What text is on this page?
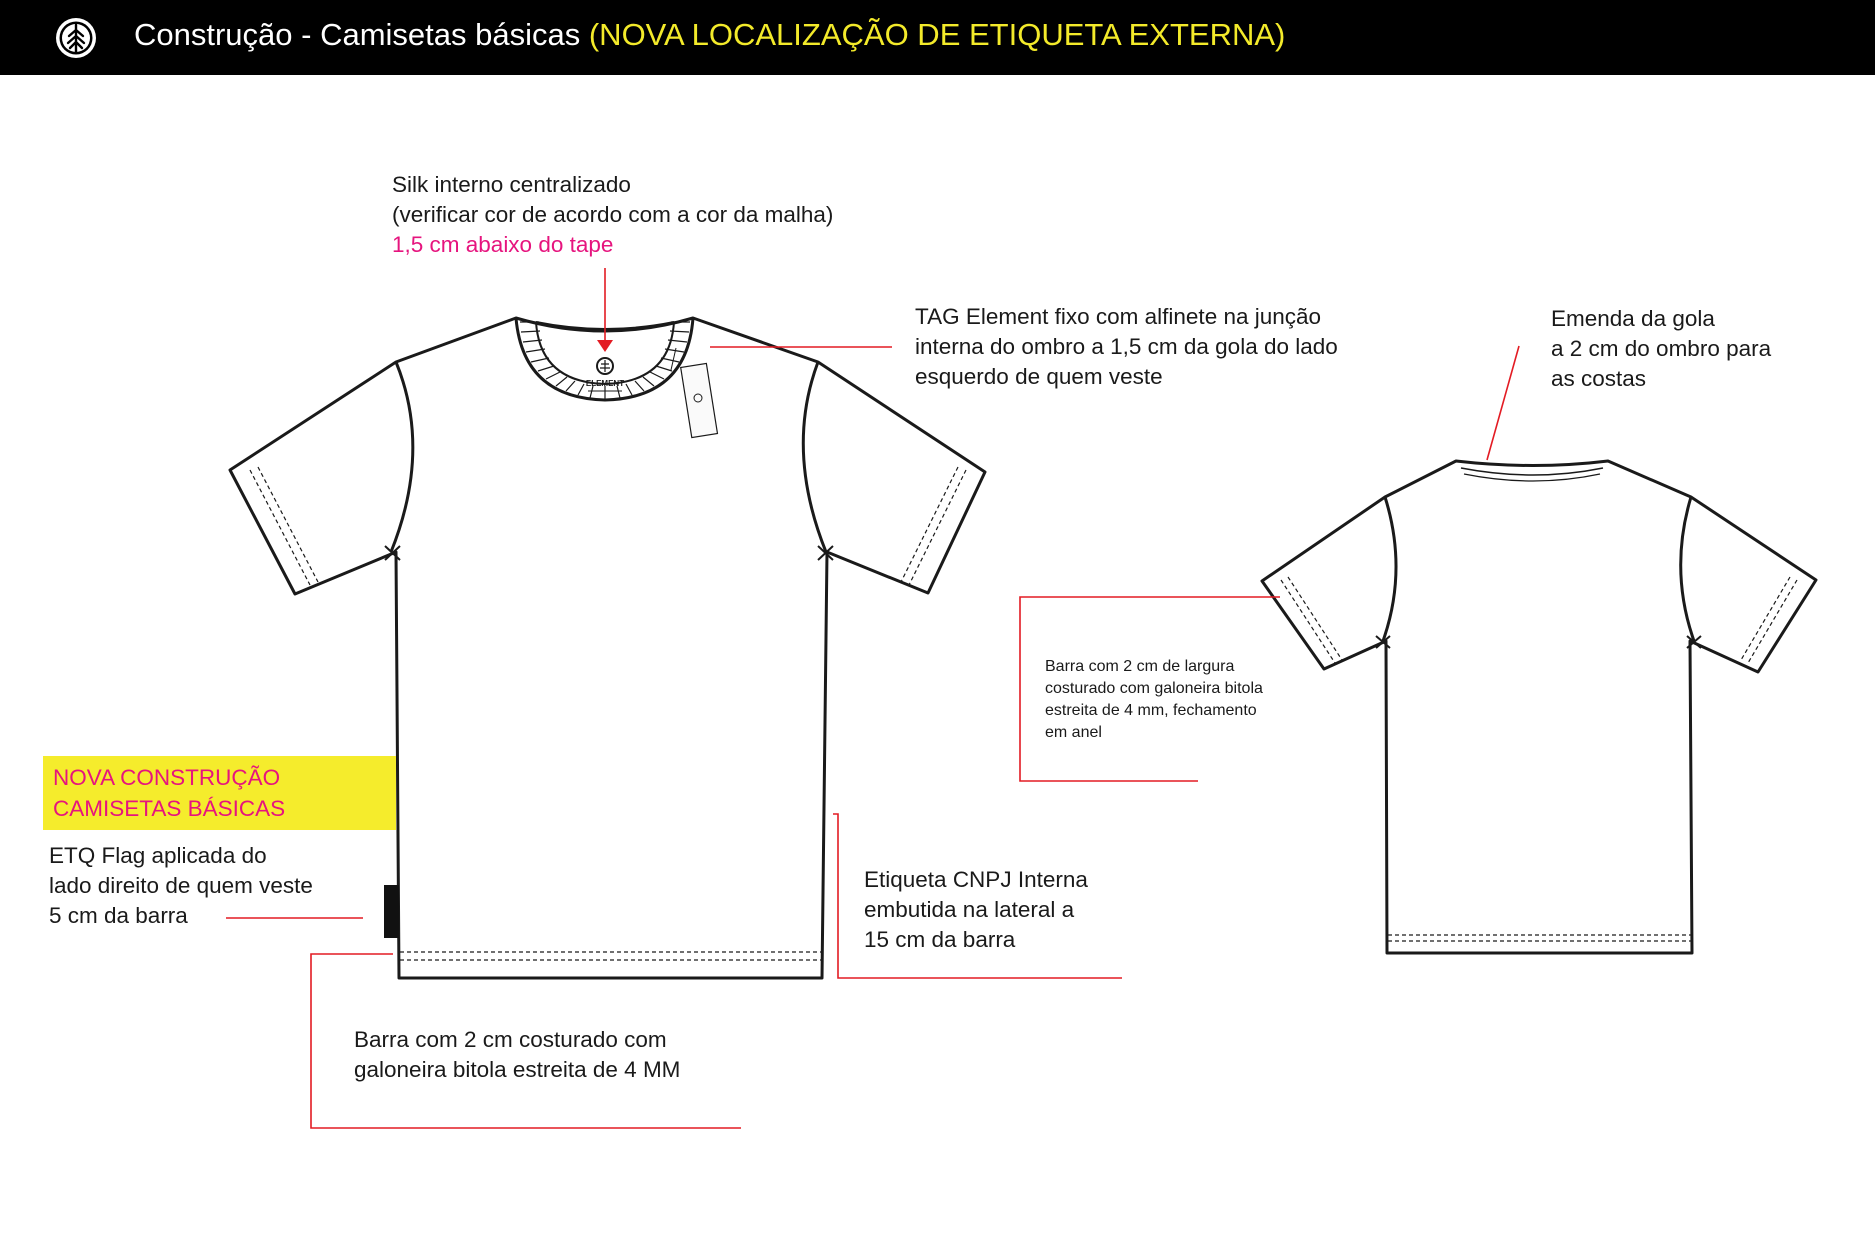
Construção - Camisetas básicas (NOVA LOCALIZAÇÃO DE ETIQUETA EXTERNA)
ELEMENT
Silk interno centralizado
(verificar cor de acordo com a cor da malha)
1,5 cm abaixo do tape
TAG Element fixo com alfinete na junção
interna do ombro a 1,5 cm da gola do lado
esquerdo de quem veste
Emenda da gola
a 2 cm do ombro para
as costas
Barra com 2 cm de largura
costurado com galoneira bitola
estreita de 4 mm, fechamento
em anel
NOVA CONSTRUÇÃO
CAMISETAS BÁSICAS
ETQ Flag aplicada do
lado direito de quem veste
5 cm da barra
Etiqueta CNPJ Interna
embutida na lateral a
15 cm da barra
Barra com 2 cm costurado com
galoneira bitola estreita de 4 MM
